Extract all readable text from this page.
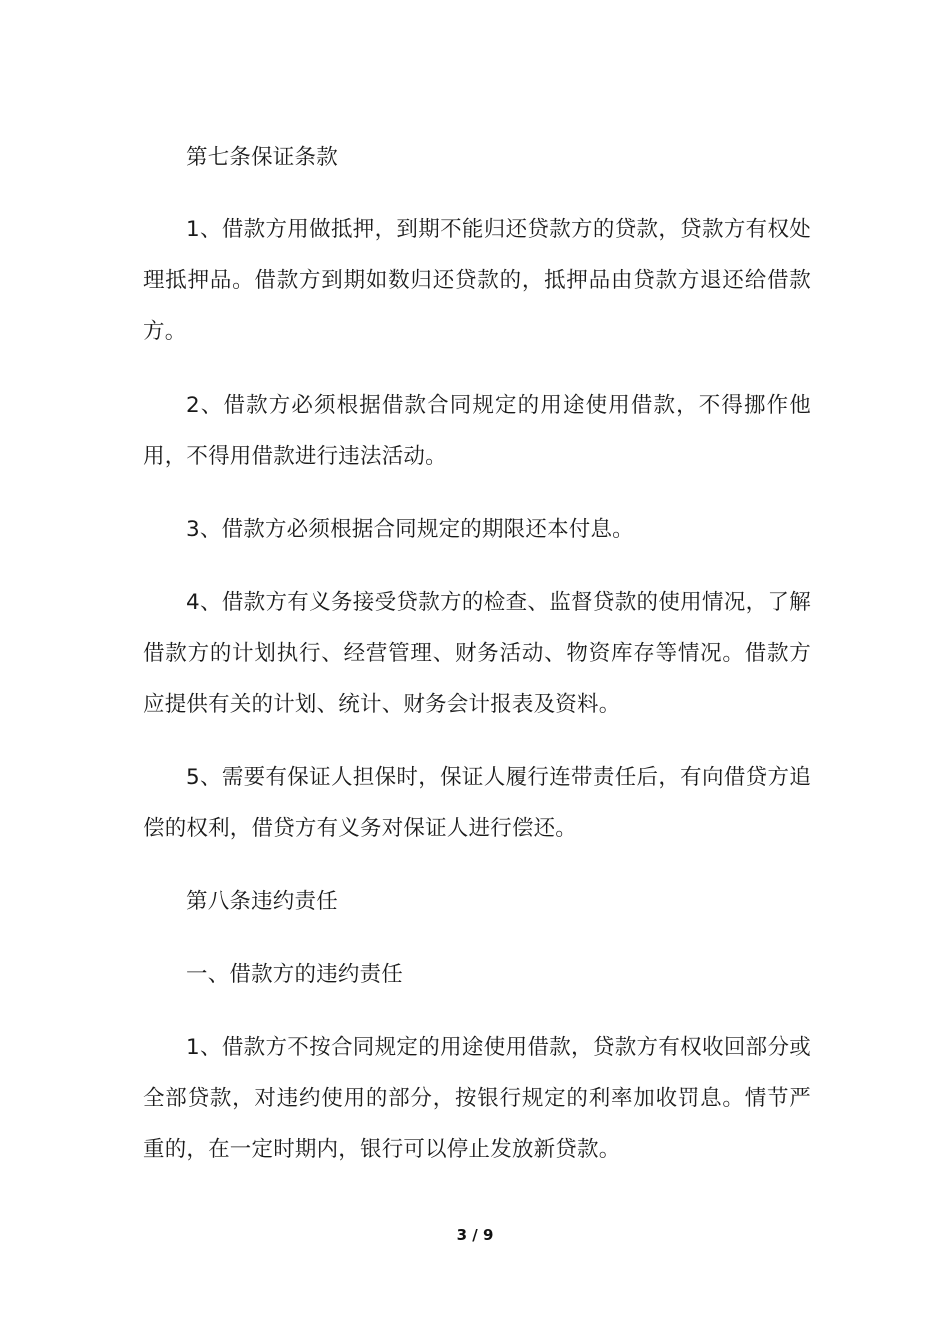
第七条保证条款

1、借款方用做抵押，到期不能归还贷款方的贷款，贷款方有权处理抵押品。借款方到期如数归还贷款的，抵押品由贷款方退还给借款方。

2、借款方必须根据借款合同规定的用途使用借款，不得挪作他用，不得用借款进行违法活动。

3、借款方必须根据合同规定的期限还本付息。

4、借款方有义务接受贷款方的检查、监督贷款的使用情况，了解借款方的计划执行、经营管理、财务活动、物资库存等情况。借款方应提供有关的计划、统计、财务会计报表及资料。

5、需要有保证人担保时，保证人履行连带责任后，有向借贷方追偿的权利，借贷方有义务对保证人进行偿还。

第八条违约责任

一、借款方的违约责任

1、借款方不按合同规定的用途使用借款，贷款方有权收回部分或全部贷款，对违约使用的部分，按银行规定的利率加收罚息。情节严重的，在一定时期内，银行可以停止发放新贷款。

3 / 9
